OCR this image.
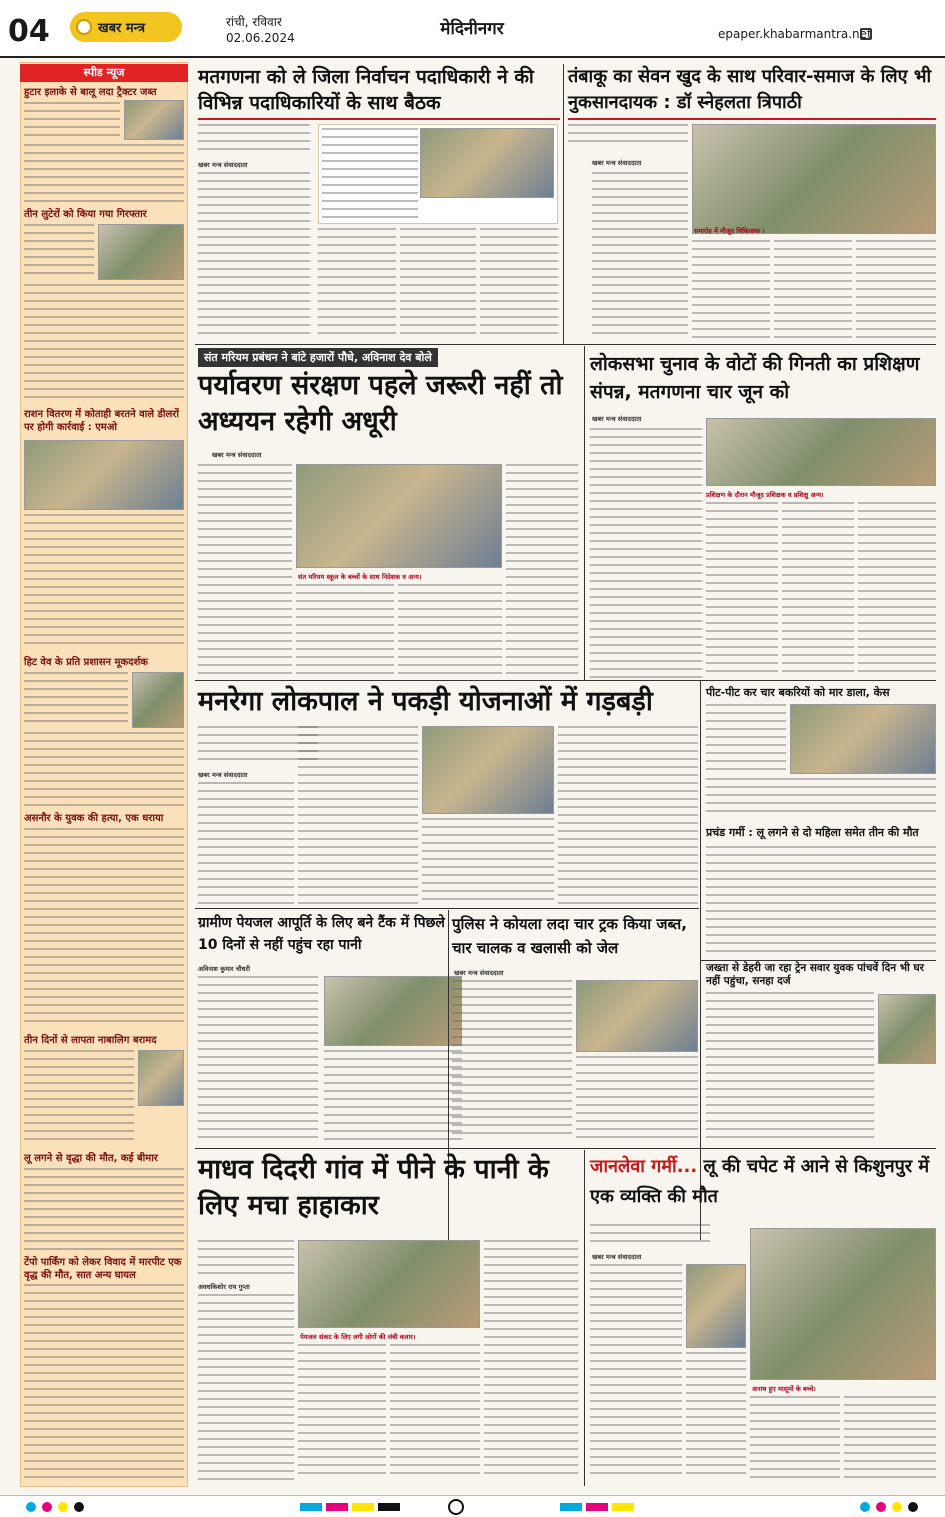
04	खबर मन्त्र	रांची, रविवार
02.06.2024	मेदिनीनगर	epaper.khabarmantra.net
स्पीड न्यूज
हुटार इलाके से बालू लदा ट्रैक्टर जब्त
तीन लुटेरों को किया गया गिरफ्तार
राशन वितरण में कोताही बरतने वाले डीलरों पर होगी कार्रवाई : एमओ
हिट वेव के प्रति प्रशासन मूकदर्शक
असनौर के युवक की हत्या, एक धराया
तीन दिनों से लापता नाबालिग बरामद
लू लगने से वृद्धा की मौत, कई बीमार
टेंपो पार्किंग को लेकर विवाद में मारपीट एक वृद्ध की मौत, सात अन्य घायल
मतगणना को ले जिला निर्वाचन पदाधिकारी ने की विभिन्न पदाधिकारियों के साथ बैठक
खबर मन्त्र संवाददाता
तंबाकू का सेवन खुद के साथ परिवार-समाज के लिए भी नुकसानदायक : डॉ स्नेहलता त्रिपाठी
खबर मन्त्र संवाददाता
समारोह में मौजूद चिकित्सक ।
संत मरियम प्रबंधन ने बांटे हजारों पौधे, अविनाश देव बोले
पर्यावरण संरक्षण पहले जरूरी नहीं तो अध्ययन रहेगी अधूरी
खबर मन्त्र संवाददाता
संत मरियम स्कूल के बच्चों के साथ निदेशक व अन्य।
लोकसभा चुनाव के वोटों की गिनती का प्रशिक्षण संपन्न, मतगणना चार जून को
खबर मन्त्र संवाददाता
प्रशिक्षण के दौरान मौजूद प्रशिक्षक व प्रशिक्षु अन्य।
पीट-पीट कर चार बकरियों को मार डाला, केस
प्रचंड गर्मी : लू लगने से दो महिला समेत तीन की मौत
जख्ता से डेहरी जा रहा ट्रेन सवार युवक पांचवें दिन भी घर नहीं पहुंचा, सनहा दर्ज
मनरेगा लोकपाल ने पकड़ी योजनाओं में गड़बड़ी
खबर मन्त्र संवाददाता
ग्रामीण पेयजल आपूर्ति के लिए बने टैंक में पिछले 10 दिनों से नहीं पहुंच रहा पानी
अविनाश कुमार चौधरी
पुलिस ने कोयला लदा चार ट्रक किया जब्त, चार चालक व खलासी को जेल
खबर मन्त्र संवाददाता
माधव दिदरी गांव में पीने के पानी के लिए मचा हाहाकार
अवधकिशोर राय गुप्ता
पेयजल संकट के लिए लगी लोगों की लंबी कतार।
जानलेवा गर्मी... लू की चपेट में आने से किशुनपुर में एक व्यक्ति की मौत
खबर मन्त्र संवाददाता
अनाथ हुए मासूमों के बच्चे।
